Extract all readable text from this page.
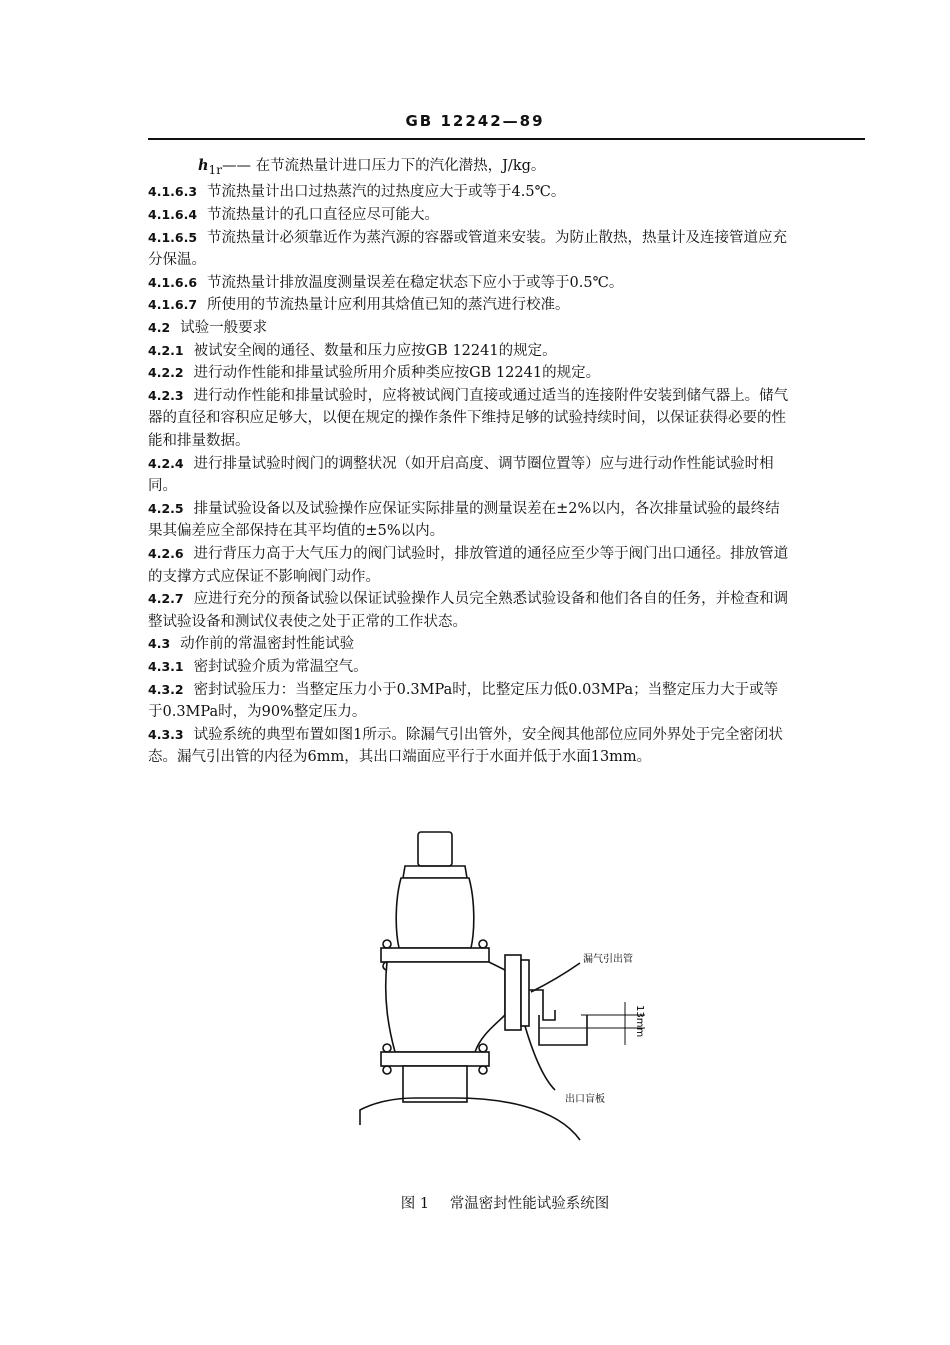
GB 12242—89
$h_{1r}——$ 在节流热量计进口压力下的汽化潜热，J/kg。
4.1.6.3 节流热量计出口过热蒸汽的过热度应大于或等于4.5℃。
4.1.6.4 节流热量计的孔口直径应尽可能大。
4.1.6.5 节流热量计必须靠近作为蒸汽源的容器或管道来安装。为防止散热，热量计及连接管道应充
分保温。
4.1.6.6 节流热量计排放温度测量误差在稳定状态下应小于或等于0.5℃。
4.1.6.7 所使用的节流热量计应利用其焓值已知的蒸汽进行校准。
4.2 试验一般要求
4.2.1 被试安全阀的通径、数量和压力应按GB 12241的规定。
4.2.2 进行动作性能和排量试验所用介质种类应按GB 12241的规定。
4.2.3 进行动作性能和排量试验时，应将被试阀门直接或通过适当的连接附件安装到储气器上。储气
器的直径和容积应足够大，以便在规定的操作条件下维持足够的试验持续时间，以保证获得必要的性
能和排量数据。
4.2.4 进行排量试验时阀门的调整状况（如开启高度、调节圈位置等）应与进行动作性能试验时相
同。
4.2.5 排量试验设备以及试验操作应保证实际排量的测量误差在±2%以内，各次排量试验的最终结
果其偏差应全部保持在其平均值的±5%以内。
4.2.6 进行背压力高于大气压力的阀门试验时，排放管道的通径应至少等于阀门出口通径。排放管道
的支撑方式应保证不影响阀门动作。
4.2.7 应进行充分的预备试验以保证试验操作人员完全熟悉试验设备和他们各自的任务，并检查和调
整试验设备和测试仪表使之处于正常的工作状态。
4.3 动作前的常温密封性能试验
4.3.1 密封试验介质为常温空气。
4.3.2 密封试验压力：当整定压力小于0.3MPa时，比整定压力低0.03MPa；当整定压力大于或等
于0.3MPa时，为90%整定压力。
4.3.3 试验系统的典型布置如图1所示。除漏气引出管外，安全阀其他部位应同外界处于完全密闭状
态。漏气引出管的内径为6mm，其出口端面应平行于水面并低于水面13mm。
漏气引出管
13mm
出口盲板
图 1 常温密封性能试验系统图
